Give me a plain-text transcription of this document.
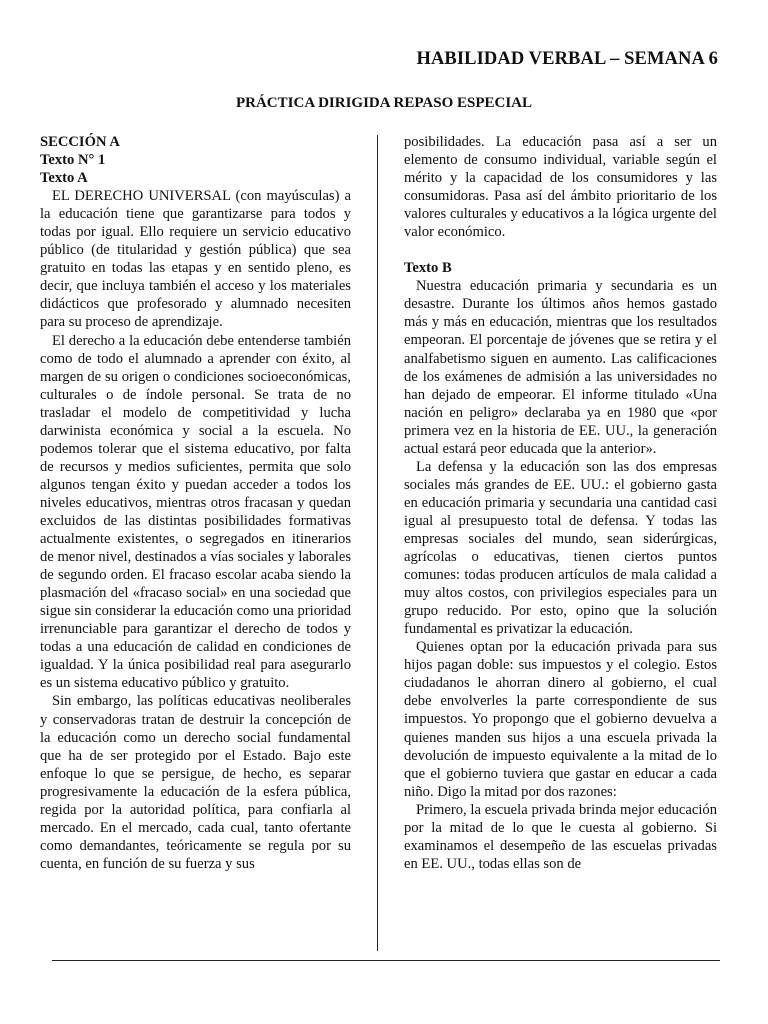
HABILIDAD VERBAL – SEMANA 6
PRÁCTICA DIRIGIDA REPASO ESPECIAL
SECCIÓN A
Texto N° 1
Texto A

EL DERECHO UNIVERSAL (con mayúsculas) a la educación tiene que garantizarse para todos y todas por igual. Ello requiere un servicio educativo público (de titularidad y gestión pública) que sea gratuito en todas las etapas y en sentido pleno, es decir, que incluya también el acceso y los materiales didácticos que profesorado y alumnado necesiten para su proceso de aprendizaje.

El derecho a la educación debe entenderse también como de todo el alumnado a aprender con éxito, al margen de su origen o condiciones socioeconómicas, culturales o de índole personal. Se trata de no trasladar el modelo de competitividad y lucha darwinista económica y social a la escuela. No podemos tolerar que el sistema educativo, por falta de recursos y medios suficientes, permita que solo algunos tengan éxito y puedan acceder a todos los niveles educativos, mientras otros fracasan y quedan excluidos de las distintas posibilidades formativas actualmente existentes, o segregados en itinerarios de menor nivel, destinados a vías sociales y laborales de segundo orden. El fracaso escolar acaba siendo la plasmación del «fracaso social» en una sociedad que sigue sin considerar la educación como una prioridad irrenunciable para garantizar el derecho de todos y todas a una educación de calidad en condiciones de igualdad. Y la única posibilidad real para asegurarlo es un sistema educativo público y gratuito.

Sin embargo, las políticas educativas neoliberales y conservadoras tratan de destruir la concepción de la educación como un derecho social fundamental que ha de ser protegido por el Estado. Bajo este enfoque lo que se persigue, de hecho, es separar progresivamente la educación de la esfera pública, regida por la autoridad política, para confiarla al mercado. En el mercado, cada cual, tanto ofertante como demandantes, teóricamente se regula por su cuenta, en función de su fuerza y sus

posibilidades. La educación pasa así a ser un elemento de consumo individual, variable según el mérito y la capacidad de los consumidores y las consumidoras. Pasa así del ámbito prioritario de los valores culturales y educativos a la lógica urgente del valor económico.

Texto B

Nuestra educación primaria y secundaria es un desastre. Durante los últimos años hemos gastado más y más en educación, mientras que los resultados empeoran. El porcentaje de jóvenes que se retira y el analfabetismo siguen en aumento. Las calificaciones de los exámenes de admisión a las universidades no han dejado de empeorar. El informe titulado «Una nación en peligro» declaraba ya en 1980 que «por primera vez en la historia de EE. UU., la generación actual estará peor educada que la anterior».

La defensa y la educación son las dos empresas sociales más grandes de EE. UU.: el gobierno gasta en educación primaria y secundaria una cantidad casi igual al presupuesto total de defensa. Y todas las empresas sociales del mundo, sean siderúrgicas, agrícolas o educativas, tienen ciertos puntos comunes: todas producen artículos de mala calidad a muy altos costos, con privilegios especiales para un grupo reducido. Por esto, opino que la solución fundamental es privatizar la educación.

Quienes optan por la educación privada para sus hijos pagan doble: sus impuestos y el colegio. Estos ciudadanos le ahorran dinero al gobierno, el cual debe envolverles la parte correspondiente de sus impuestos. Yo propongo que el gobierno devuelva a quienes manden sus hijos a una escuela privada la devolución de impuesto equivalente a la mitad de lo que el gobierno tuviera que gastar en educar a cada niño. Digo la mitad por dos razones:

Primero, la escuela privada brinda mejor educación por la mitad de lo que le cuesta al gobierno. Si examinamos el desempeño de las escuelas privadas en EE. UU., todas ellas son de
